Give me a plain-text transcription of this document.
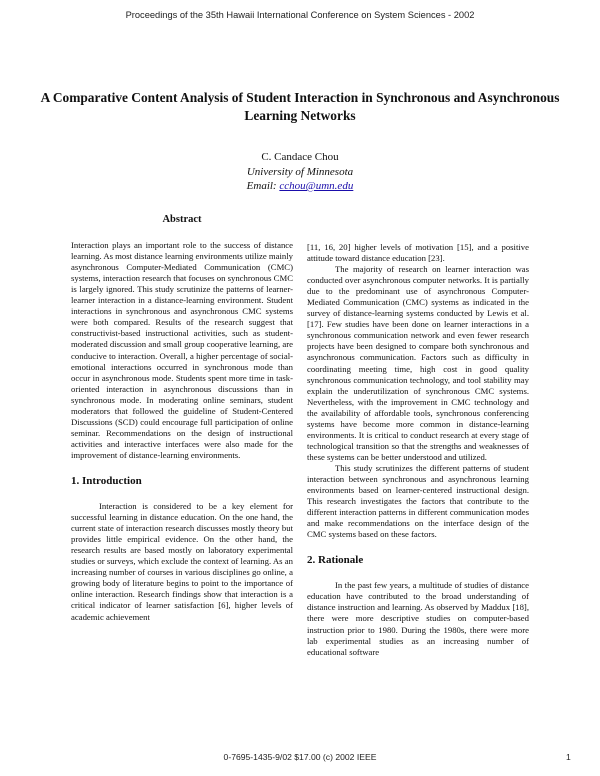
Proceedings of the 35th Hawaii International Conference on System Sciences - 2002
A Comparative Content Analysis of Student Interaction in Synchronous and Asynchronous Learning Networks
C. Candace Chou
University of Minnesota
Email: cchou@umn.edu
Abstract

Interaction plays an important role to the success of distance learning. As most distance learning environments utilize mainly asynchronous Computer-Mediated Communication (CMC) systems, interaction research that focuses on synchronous CMC is largely ignored. This study scrutinize the patterns of learner-learner interaction in a distance-learning environment. Student interactions in synchronous and asynchronous CMC systems were both compared. Results of the research suggest that constructivist-based instructional activities, such as student-moderated discussion and small group cooperative learning, are conducive to interaction. Overall, a higher percentage of social-emotional interactions occurred in synchronous mode than occur in asynchronous mode. Students spent more time in task-oriented interaction in asynchronous discussions than in synchronous mode. In moderating online seminars, student moderators that followed the guideline of Student-Centered Discussions (SCD) could encourage full participation of online seminar. Recommendations on the design of instructional activities and interactive interfaces were also made for the improvement of distance-learning environments.

1. Introduction

Interaction is considered to be a key element for successful learning in distance education. On the one hand, the current state of interaction research discusses mostly theory but provides little empirical evidence. On the other hand, the research results are based mostly on laboratory experimental studies or surveys, which exclude the context of learning. As an increasing number of courses in various disciplines go online, a growing body of literature begins to point to the importance of online interaction. Research findings show that interaction is a critical indicator of learner satisfaction [6], higher levels of academic achievement

[11, 16, 20] higher levels of motivation [15], and a positive attitude toward distance education [23].

The majority of research on learner interaction was conducted over asynchronous computer networks. It is partially due to the predominant use of asynchronous Computer-Mediated Communication (CMC) systems as indicated in the survey of distance-learning systems conducted by Lewis et al. [17]. Few studies have been done on learner interactions in a synchronous communication network and even fewer research projects have been designed to compare both synchronous and asynchronous communication. Factors such as difficulty in coordinating meeting time, high cost in good quality synchronous communication technology, and tool stability may explain the underutilization of synchronous CMC systems. Nevertheless, with the improvement in CMC technology and the availability of affordable tools, synchronous conferencing systems have become more common in distance-learning environments. It is critical to conduct research at every stage of technological transition so that the strengths and weaknesses of these systems can be better understood and utilized.

This study scrutinizes the different patterns of student interaction between synchronous and asynchronous learning environments based on learner-centered instructional design. This research investigates the factors that contribute to the different interaction patterns in different communication modes and make recommendations on the interface design of the CMC systems based on these factors.

2. Rationale

In the past few years, a multitude of studies of distance education have contributed to the broad understanding of distance instruction and learning. As observed by Maddux [18], there were more descriptive studies on computer-based instruction prior to 1980. During the 1980s, there were more lab experimental studies as an increasing number of educational software

0-7695-1435-9/02 $17.00 (c) 2002 IEEE	1
